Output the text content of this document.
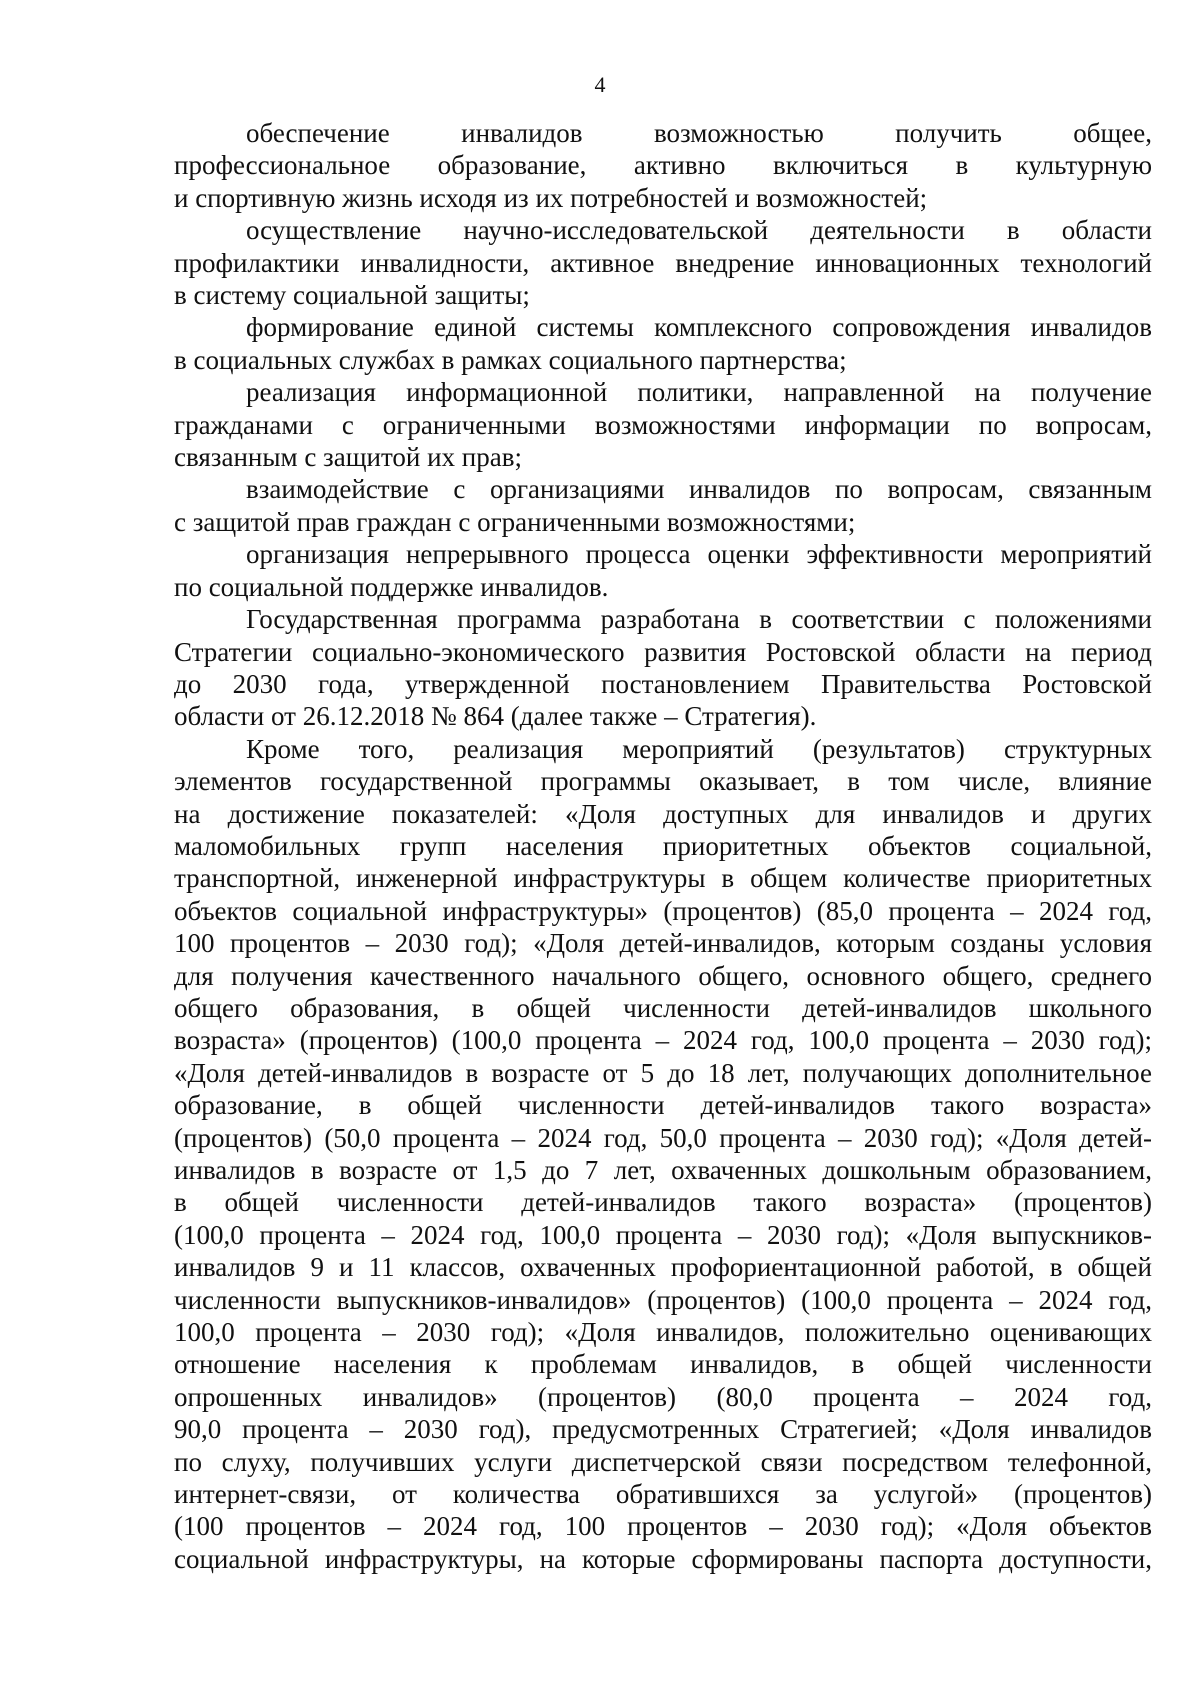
4

обеспечение инвалидов возможностью получить общее,
профессиональное образование, активно включиться в культурную
и спортивную жизнь исходя из их потребностей и возможностей;

осуществление научно-исследовательской деятельности в области
профилактики инвалидности, активное внедрение инновационных технологий
в систему социальной защиты;

формирование единой системы комплексного сопровождения инвалидов
в социальных службах в рамках социального партнерства;

реализация информационной политики, направленной на получение
гражданами с ограниченными возможностями информации по вопросам,
связанным с защитой их прав;

взаимодействие с организациями инвалидов по вопросам, связанным
с защитой прав граждан с ограниченными возможностями;

организация непрерывного процесса оценки эффективности мероприятий
по социальной поддержке инвалидов.

Государственная программа разработана в соответствии с положениями
Стратегии социально-экономического развития Ростовской области на период
до 2030 года, утвержденной постановлением Правительства Ростовской
области от 26.12.2018 № 864 (далее также – Стратегия).

Кроме того, реализация мероприятий (результатов) структурных
элементов государственной программы оказывает, в том числе, влияние
на достижение показателей: «Доля доступных для инвалидов и других
маломобильных групп населения приоритетных объектов социальной,
транспортной, инженерной инфраструктуры в общем количестве приоритетных
объектов социальной инфраструктуры» (процентов) (85,0 процента – 2024 год,
100 процентов – 2030 год); «Доля детей-инвалидов, которым созданы условия
для получения качественного начального общего, основного общего, среднего
общего образования, в общей численности детей-инвалидов школьного
возраста» (процентов) (100,0 процента – 2024 год, 100,0 процента – 2030 год);
«Доля детей-инвалидов в возрасте от 5 до 18 лет, получающих дополнительное
образование, в общей численности детей-инвалидов такого возраста»
(процентов) (50,0 процента – 2024 год, 50,0 процента – 2030 год); «Доля детей-
инвалидов в возрасте от 1,5 до 7 лет, охваченных дошкольным образованием,
в общей численности детей-инвалидов такого возраста» (процентов)
(100,0 процента – 2024 год, 100,0 процента – 2030 год); «Доля выпускников-
инвалидов 9 и 11 классов, охваченных профориентационной работой, в общей
численности выпускников-инвалидов» (процентов) (100,0 процента – 2024 год,
100,0 процента – 2030 год); «Доля инвалидов, положительно оценивающих
отношение населения к проблемам инвалидов, в общей численности
опрошенных инвалидов» (процентов) (80,0 процента – 2024 год,
90,0 процента – 2030 год), предусмотренных Стратегией; «Доля инвалидов
по слуху, получивших услуги диспетчерской связи посредством телефонной,
интернет-связи, от количества обратившихся за услугой» (процентов)
(100 процентов – 2024 год, 100 процентов – 2030 год); «Доля объектов
социальной инфраструктуры, на которые сформированы паспорта доступности,
